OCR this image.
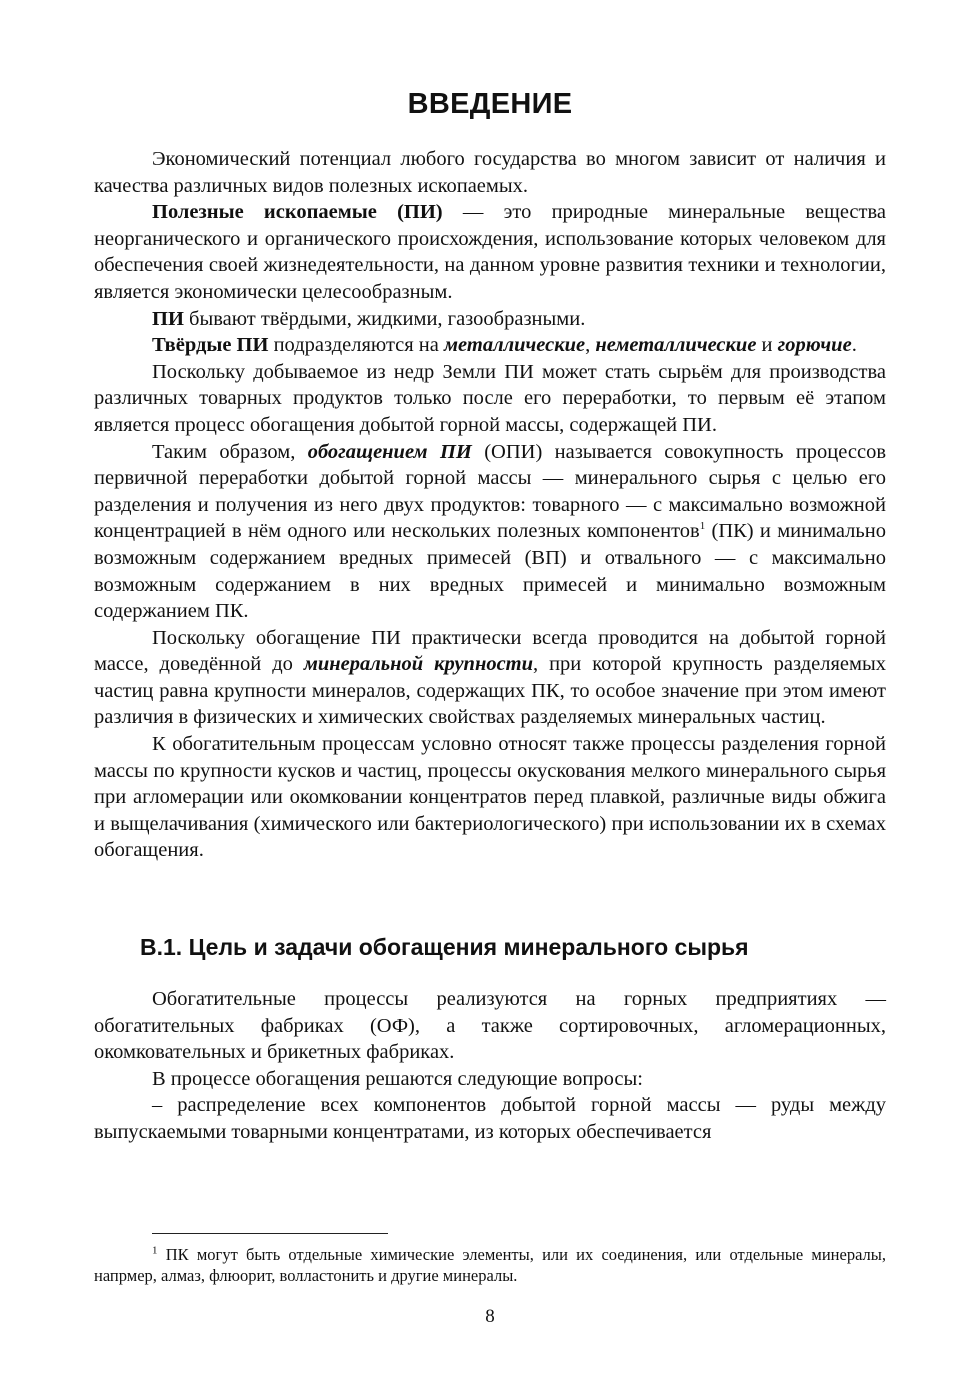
ВВЕДЕНИЕ

Экономический потенциал любого государства во многом зависит от наличия и качества различных видов полезных ископаемых.

Полезные ископаемые (ПИ) — это природные минеральные вещества неорганического и органического происхождения, использование которых человеком для обеспечения своей жизнедеятельности, на данном уровне развития техники и технологии, является экономически целесообразным.

ПИ бывают твёрдыми, жидкими, газообразными.

Твёрдые ПИ подразделяются на металлические, неметаллические и горючие.

Поскольку добываемое из недр Земли ПИ может стать сырьём для производства различных товарных продуктов только после его переработки, то первым её этапом является процесс обогащения добытой горной массы, содержащей ПИ.

Таким образом, обогащением ПИ (ОПИ) называется совокупность процессов первичной переработки добытой горной массы — минерального сырья с целью его разделения и получения из него двух продуктов: товарного — с максимально возможной концентрацией в нём одного или нескольких полезных компонентов$^1$ (ПК) и минимально возможным содержанием вредных примесей (ВП) и отвального — с максимально возможным содержанием в них вредных примесей и минимально возможным содержанием ПК.

Поскольку обогащение ПИ практически всегда проводится на добытой горной массе, доведённой до минеральной крупности, при которой крупность разделяемых частиц равна крупности минералов, содержащих ПК, то особое значение при этом имеют различия в физических и химических свойствах разделяемых минеральных частиц.

К обогатительным процессам условно относят также процессы разделения горной массы по крупности кусков и частиц, процессы окускования мелкого минерального сырья при агломерации или окомковании концентратов перед плавкой, различные виды обжига и выщелачивания (химического или бактериологического) при использовании их в схемах обогащения.

В.1. Цель и задачи обогащения минерального сырья

Обогатительные процессы реализуются на горных предприятиях — обогатительных фабриках (ОФ), а также сортировочных, агломерационных, окомковательных и брикетных фабриках.

В процессе обогащения решаются следующие вопросы:

– распределение всех компонентов добытой горной массы — руды между выпускаемыми товарными концентратами, из которых обеспечивается

$^1$ ПК могут быть отдельные химические элементы, или их соединения, или отдельные минералы, напрмер, алмаз, флюорит, волластонить и другие минералы.
8
